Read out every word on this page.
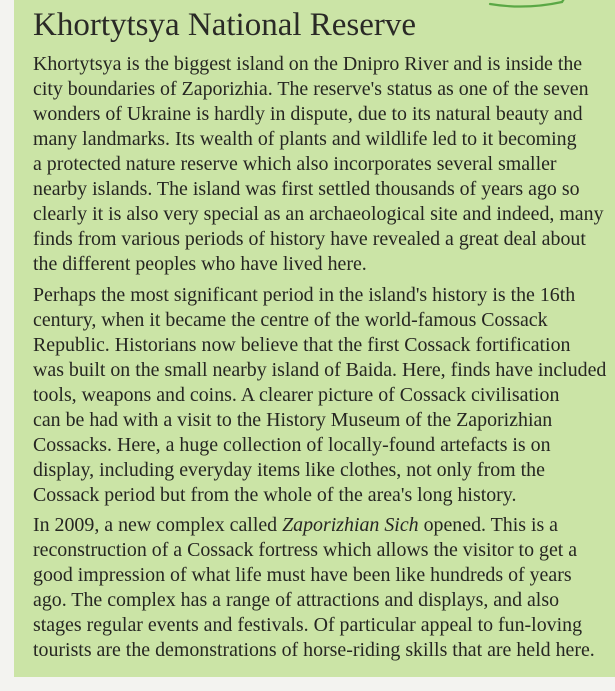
Khortytsya National Reserve

Khortytsya is the biggest island on the Dnipro River and is inside the
city boundaries of Zaporizhia. The reserve's status as one of the seven
wonders of Ukraine is hardly in dispute, due to its natural beauty and
many landmarks. Its wealth of plants and wildlife led to it becoming
a protected nature reserve which also incorporates several smaller
nearby islands. The island was first settled thousands of years ago so
clearly it is also very special as an archaeological site and indeed, many
finds from various periods of history have revealed a great deal about
the different peoples who have lived here.

Perhaps the most significant period in the island's history is the 16th
century, when it became the centre of the world-famous Cossack
Republic. Historians now believe that the first Cossack fortification
was built on the small nearby island of Baida. Here, finds have included
tools, weapons and coins. A clearer picture of Cossack civilisation
can be had with a visit to the History Museum of the Zaporizhian
Cossacks. Here, a huge collection of locally-found artefacts is on
display, including everyday items like clothes, not only from the
Cossack period but from the whole of the area's long history.

In 2009, a new complex called Zaporizhian Sich opened. This is a
reconstruction of a Cossack fortress which allows the visitor to get a
good impression of what life must have been like hundreds of years
ago. The complex has a range of attractions and displays, and also
stages regular events and festivals. Of particular appeal to fun-loving
tourists are the demonstrations of horse-riding skills that are held here.
